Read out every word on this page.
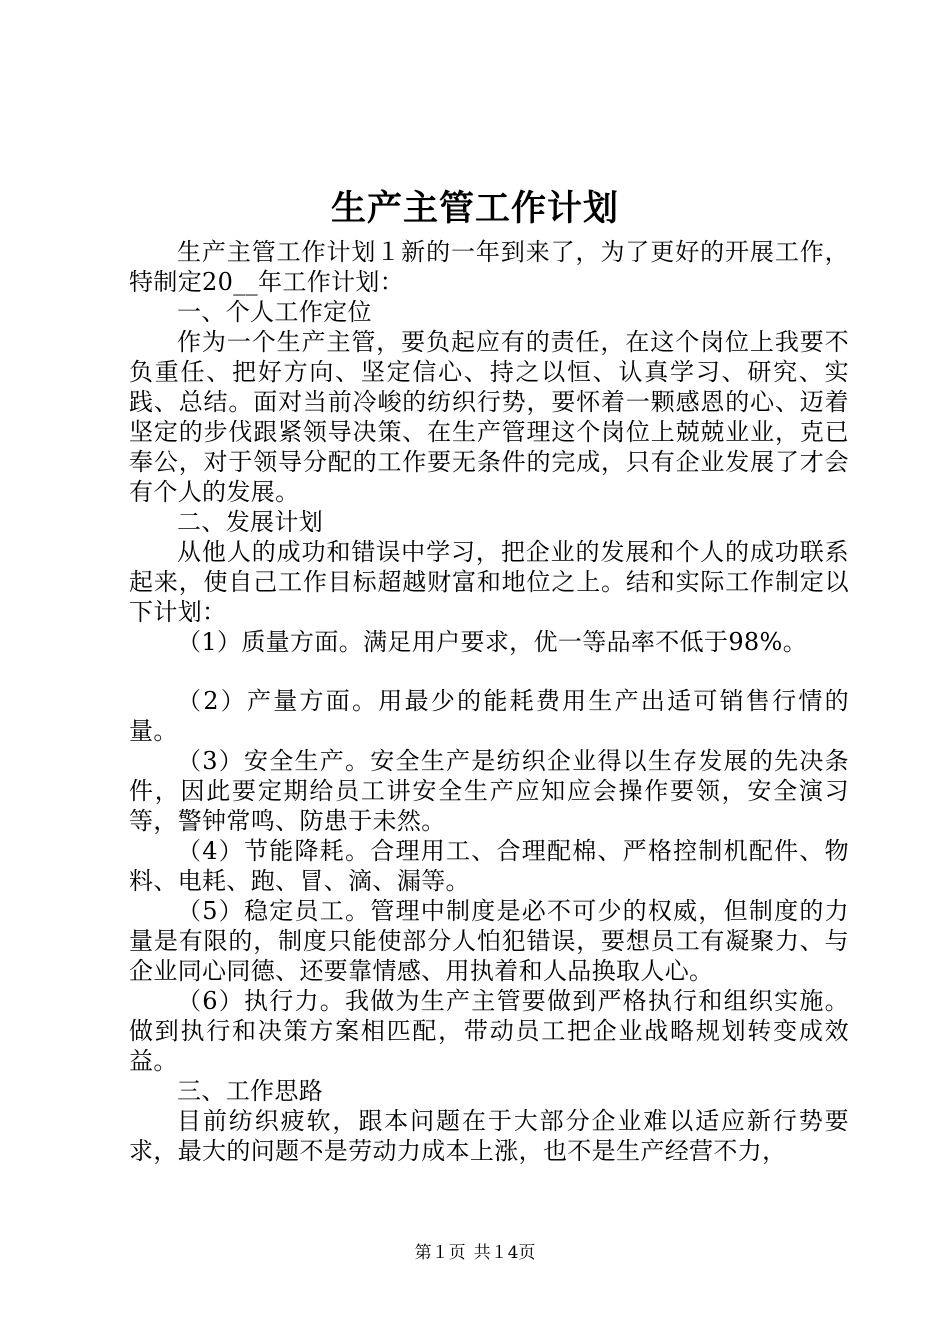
生产主管工作计划

生产主管工作计划１新的一年到来了，为了更好的开展工作，特制定20__年工作计划：

一、个人工作定位

作为一个生产主管，要负起应有的责任，在这个岗位上我要不负重任、把好方向、坚定信心、持之以恒、认真学习、研究、实践、总结。面对当前冷峻的纺织行势，要怀着一颗感恩的心、迈着坚定的步伐跟紧领导决策、在生产管理这个岗位上兢兢业业，克已奉公，对于领导分配的工作要无条件的完成，只有企业发展了才会有个人的发展。

二、发展计划

从他人的成功和错误中学习，把企业的发展和个人的成功联系起来，使自己工作目标超越财富和地位之上。结和实际工作制定以下计划：

（1）质量方面。满足用户要求，优一等品率不低于98%。

（2）产量方面。用最少的能耗费用生产出适可销售行情的量。

（3）安全生产。安全生产是纺织企业得以生存发展的先决条件，因此要定期给员工讲安全生产应知应会操作要领，安全演习等，警钟常鸣、防患于未然。

（4）节能降耗。合理用工、合理配棉、严格控制机配件、物料、电耗、跑、冒、滴、漏等。

（5）稳定员工。管理中制度是必不可少的权威，但制度的力量是有限的，制度只能使部分人怕犯错误，要想员工有凝聚力、与企业同心同德、还要靠情感、用执着和人品换取人心。

（6）执行力。我做为生产主管要做到严格执行和组织实施。做到执行和决策方案相匹配，带动员工把企业战略规划转变成效益。

三、工作思路

目前纺织疲软，跟本问题在于大部分企业难以适应新行势要求，最大的问题不是劳动力成本上涨，也不是生产经营不力，

第１页 共１4页
